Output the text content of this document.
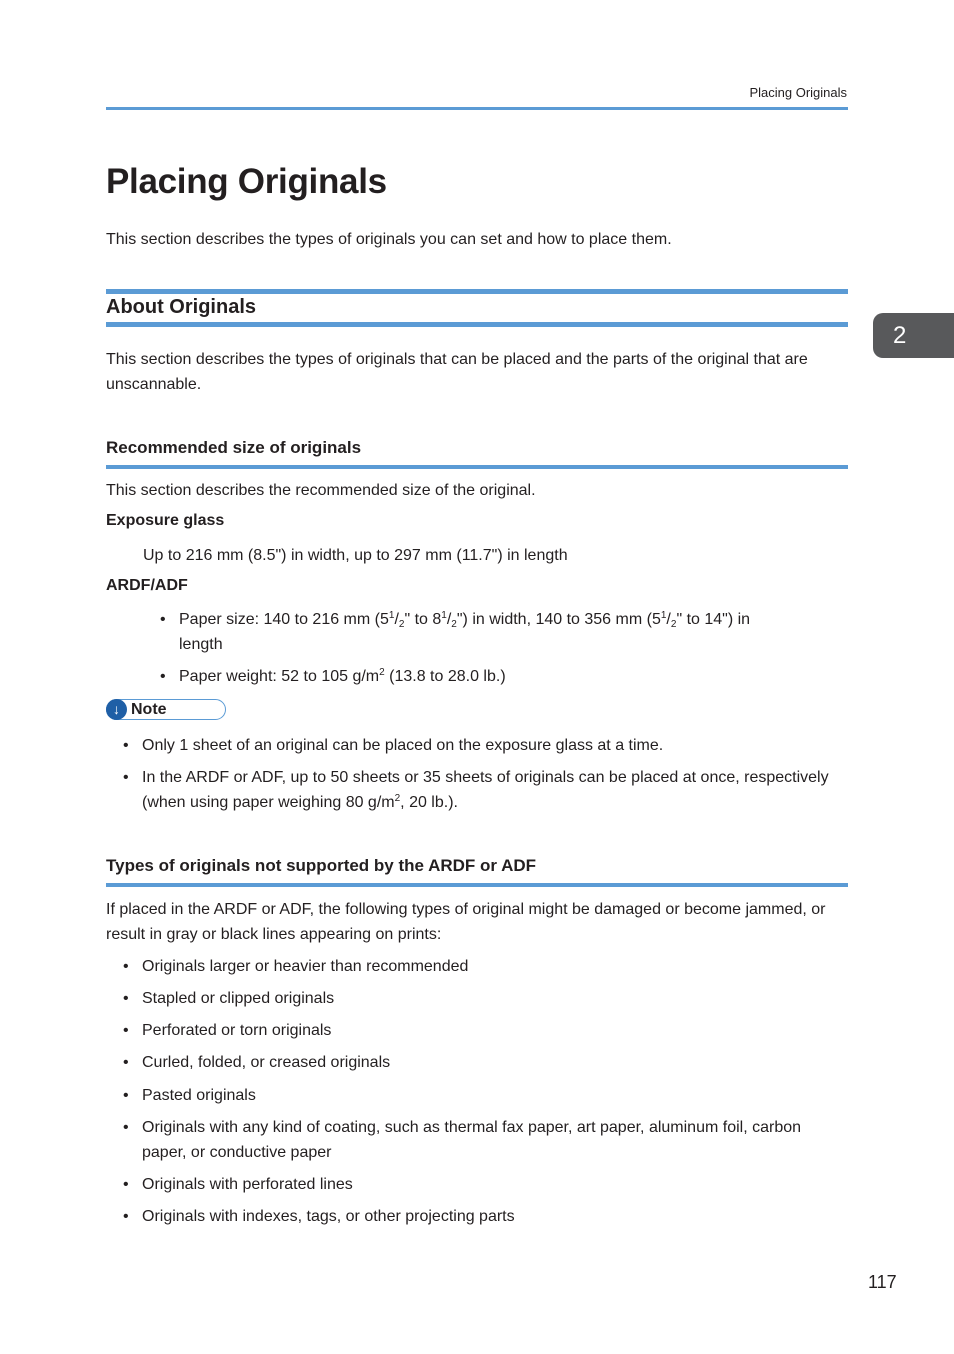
Placing Originals
2
Placing Originals

This section describes the types of originals you can set and how to place them.

About Originals

This section describes the types of originals that can be placed and the parts of the original that are unscannable.

Recommended size of originals

This section describes the recommended size of the original.

Exposure glass

Up to 216 mm (8.5") in width, up to 297 mm (11.7") in length

ARDF/ADF
• Paper size: 140 to 216 mm ($5^1/_2$" to $8^1/_2$") in width, 140 to 356 mm ($5^1/_2$" to 14") in
length
• Paper weight: 52 to 105 $g/m^2$ (13.8 to 28.0 lb.)
↓ Note
• Only 1 sheet of an original can be placed on the exposure glass at a time.
• In the ARDF or ADF, up to 50 sheets or 35 sheets of originals can be placed at once, respectively
(when using paper weighing 80 $g/m^2$, 20 lb.).
Types of originals not supported by the ARDF or ADF

If placed in the ARDF or ADF, the following types of original might be damaged or become jammed, or result in gray or black lines appearing on prints:

• Originals larger or heavier than recommended
• Stapled or clipped originals
• Perforated or torn originals
• Curled, folded, or creased originals
• Pasted originals
• Originals with any kind of coating, such as thermal fax paper, art paper, aluminum foil, carbon
paper, or conductive paper
• Originals with perforated lines
• Originals with indexes, tags, or other projecting parts
117
